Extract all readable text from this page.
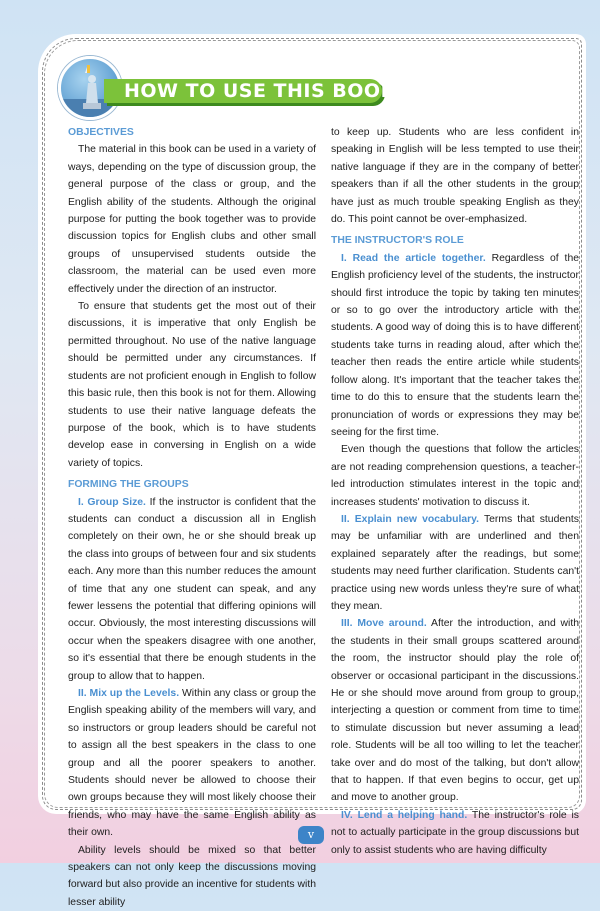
HOW TO USE THIS BOOK
OBJECTIVES

The material in this book can be used in a variety of ways, depending on the type of discussion group, the general purpose of the class or group, and the English ability of the students. Although the original purpose for putting the book together was to provide discussion topics for English clubs and other small groups of unsupervised students outside the classroom, the material can be used even more effectively under the direction of an instructor.

To ensure that students get the most out of their discussions, it is imperative that only English be permitted throughout. No use of the native language should be permitted under any circumstances. If students are not proficient enough in English to follow this basic rule, then this book is not for them. Allowing students to use their native language defeats the purpose of the book, which is to have students develop ease in conversing in English on a wide variety of topics.

FORMING THE GROUPS

I. Group Size. If the instructor is confident that the students can conduct a discussion all in English completely on their own, he or she should break up the class into groups of between four and six students each. Any more than this number reduces the amount of time that any one student can speak, and any fewer lessens the potential that differing opinions will occur. Obviously, the most interesting discussions will occur when the speakers disagree with one another, so it's essential that there be enough students in the group to allow that to happen.

II. Mix up the Levels. Within any class or group the English speaking ability of the members will vary, and so instructors or group leaders should be careful not to assign all the best speakers in the class to one group and all the poorer speakers to another. Students should never be allowed to choose their own groups because they will most likely choose their friends, who may have the same English ability as their own.

Ability levels should be mixed so that better speakers can not only keep the discussions moving forward but also provide an incentive for students with lesser ability

to keep up. Students who are less confident in speaking in English will be less tempted to use their native language if they are in the company of better speakers than if all the other students in the group have just as much trouble speaking English as they do. This point cannot be over-emphasized.

THE INSTRUCTOR'S ROLE

I. Read the article together. Regardless of the English proficiency level of the students, the instructor should first introduce the topic by taking ten minutes or so to go over the introductory article with the students. A good way of doing this is to have different students take turns in reading aloud, after which the teacher then reads the entire article while students follow along. It's important that the teacher takes the time to do this to ensure that the students learn the pronunciation of words or expressions they may be seeing for the first time.

Even though the questions that follow the articles are not reading comprehension questions, a teacher-led introduction stimulates interest in the topic and increases students' motivation to discuss it.

II. Explain new vocabulary. Terms that students may be unfamiliar with are underlined and then explained separately after the readings, but some students may need further clarification. Students can't practice using new words unless they're sure of what they mean.

III. Move around. After the introduction, and with the students in their small groups scattered around the room, the instructor should play the role of observer or occasional participant in the discussions. He or she should move around from group to group, interjecting a question or comment from time to time to stimulate discussion but never assuming a lead role. Students will be all too willing to let the teacher take over and do most of the talking, but don't allow that to happen. If that even begins to occur, get up and move to another group.

IV. Lend a helping hand. The instructor's role is not to actually participate in the group discussions but only to assist students who are having difficulty

v
